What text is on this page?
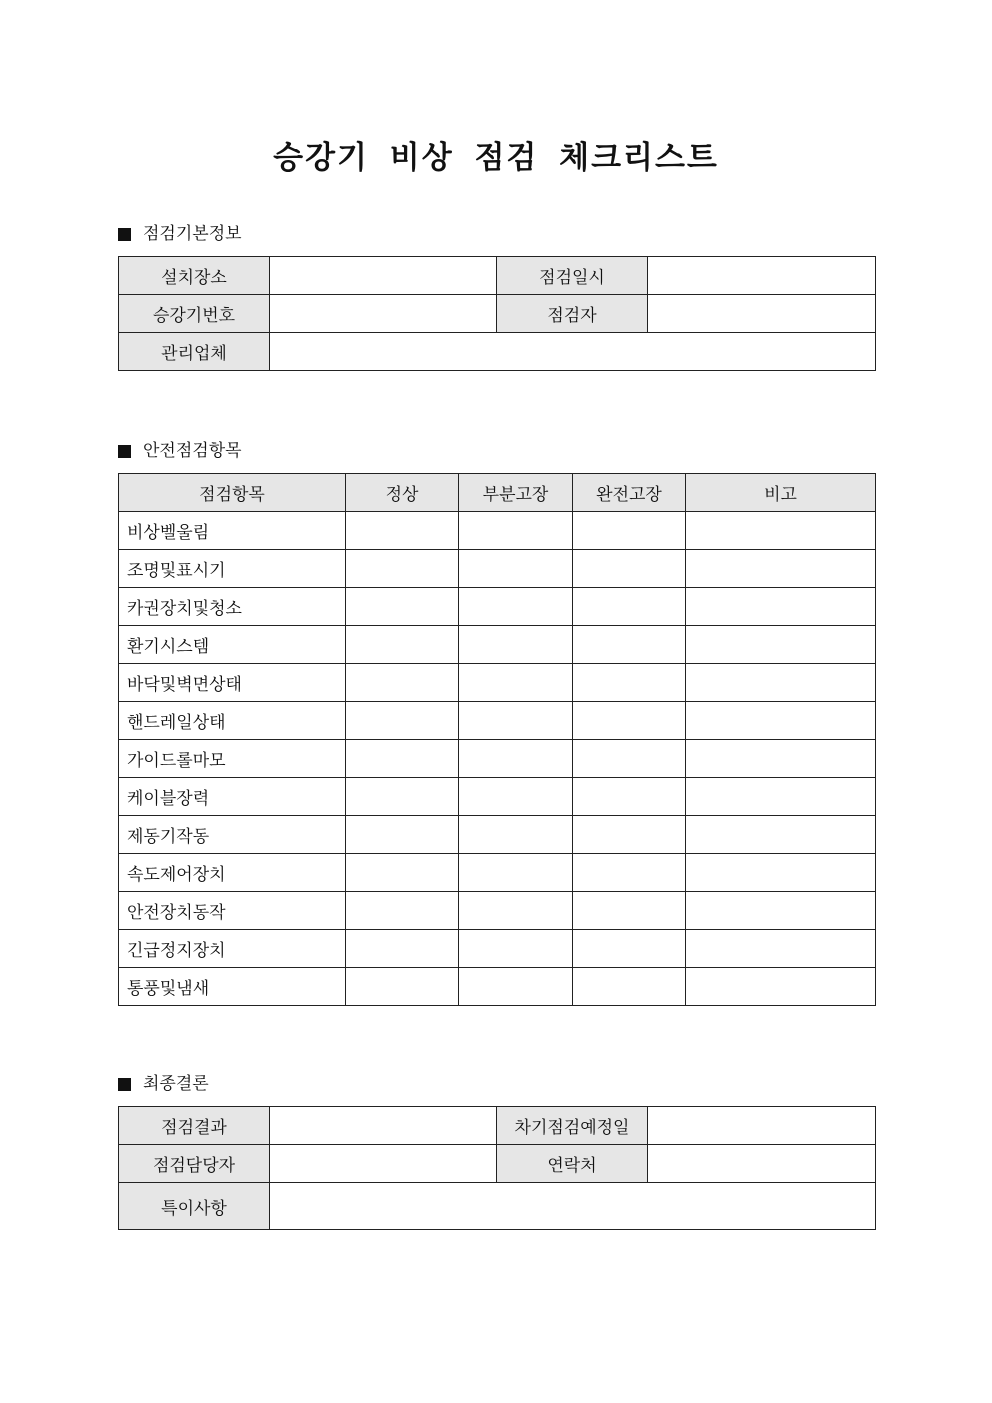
승강기 비상 점검 체크리스트
점검기본정보
설치장소		점검일시	
승강기번호		점검자	
관리업체			
안전점검항목
점검항목	정상	부분고장	완전고장	비고
비상벨울림				
조명및표시기				
카권장치및청소				
환기시스템				
바닥및벽면상태				
핸드레일상태				
가이드롤마모				
케이블장력				
제동기작동				
속도제어장치				
안전장치동작				
긴급정지장치				
통풍및냄새				
최종결론
점검결과		차기점검예정일	
점검담당자		연락처	
특이사항			
